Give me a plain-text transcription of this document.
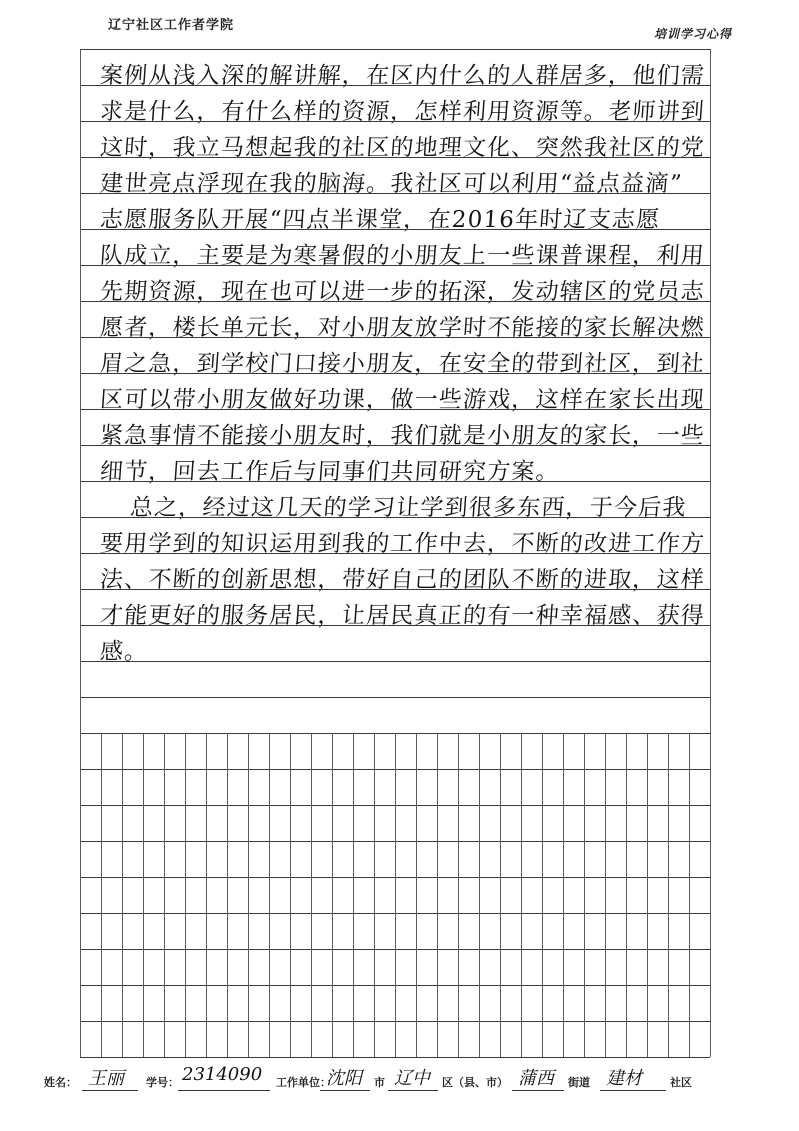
辽宁社区工作者学院
培训学习心得
案例从浅入深的解讲解，在区内什么的人群居多，他们需
求是什么，有什么样的资源，怎样利用资源等。老师讲到
这时，我立马想起我的社区的地理文化、突然我社区的党
建世亮点浮现在我的脑海。我社区可以利用“益点益滴”
志愿服务队开展“四点半课堂，在2016年时辽支志愿
队成立，主要是为寒暑假的小朋友上一些课普课程，利用
先期资源，现在也可以进一步的拓深，发动辖区的党员志
愿者，楼长单元长，对小朋友放学时不能接的家长解决燃
眉之急，到学校门口接小朋友，在安全的带到社区，到社
区可以带小朋友做好功课，做一些游戏，这样在家长出现
紧急事情不能接小朋友时，我们就是小朋友的家长，一些
细节，回去工作后与同事们共同研究方案。
总之，经过这几天的学习让学到很多东西，于今后我
要用学到的知识运用到我的工作中去，不断的改进工作方
法、不断的创新思想，带好自己的团队不断的进取，这样
才能更好的服务居民，让居民真正的有一种幸福感、获得
感。
姓名： 王丽 学号： 2314090 工作单位：
沈阳 市 辽中 区（县、市） 蒲西 街道 建材	社区
